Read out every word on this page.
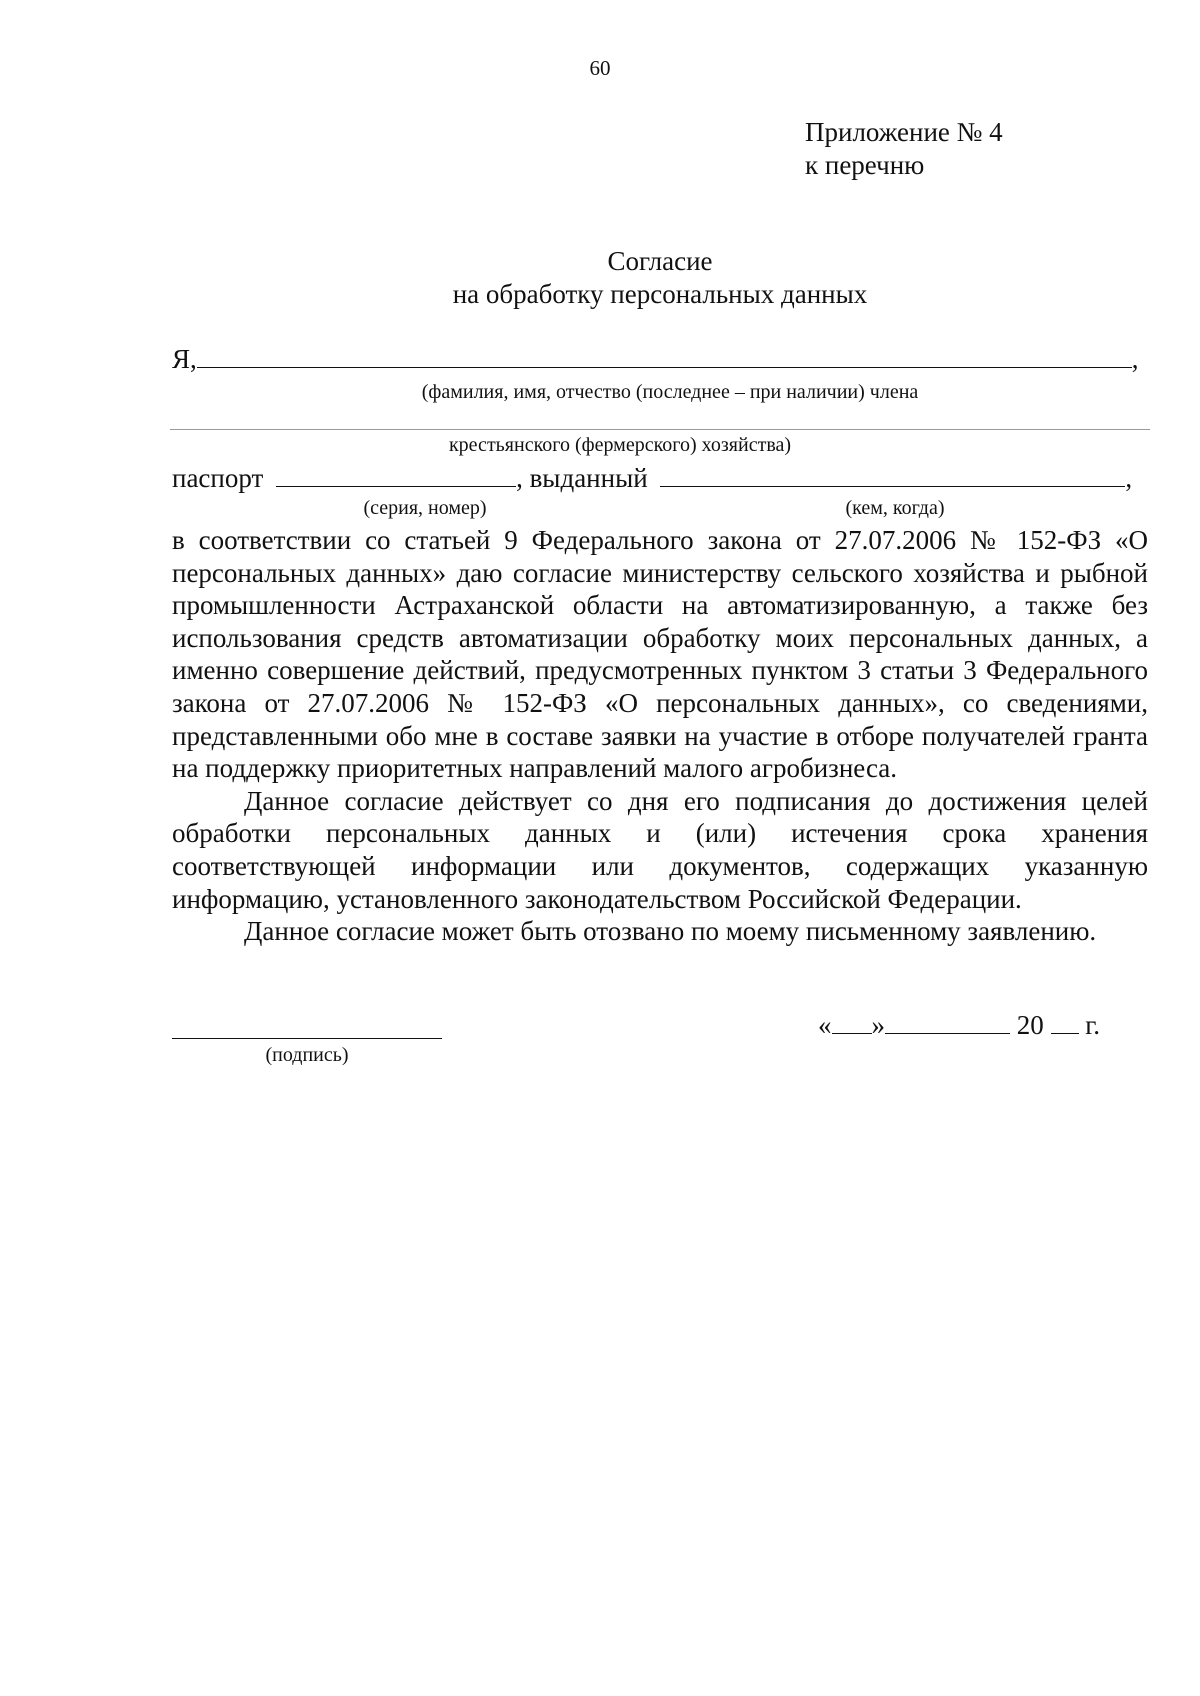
60
Приложение № 4
к перечню
Согласие
на обработку персональных данных
Я,	,
(фамилия, имя, отчество (последнее – при наличии) члена
крестьянского (фермерского) хозяйства)
паспорт	, выданный	,
(серия, номер)	(кем, когда)

в соответствии со статьей 9 Федерального закона от 27.07.2006 № 152-ФЗ «О персональных данных» даю согласие министерству сельского хозяйства и рыбной промышленности Астраханской области на автоматизированную, а также без использования средств автоматизации обработку моих персональных данных, а именно совершение действий, предусмотренных пунктом 3 статьи 3 Федерального закона от 27.07.2006 № 152-ФЗ «О персональных данных», со сведениями, представленными обо мне в составе заявки на участие в отборе получателей гранта на поддержку приоритетных направлений малого агробизнеса.

Данное согласие действует со дня его подписания до достижения целей обработки персональных данных и (или) истечения срока хранения соответствующей информации или документов, содержащих указанную информацию, установленного законодательством Российской Федерации.

Данное согласие может быть отозвано по моему письменному заявлению.

(подпись)
« »	20 г.
